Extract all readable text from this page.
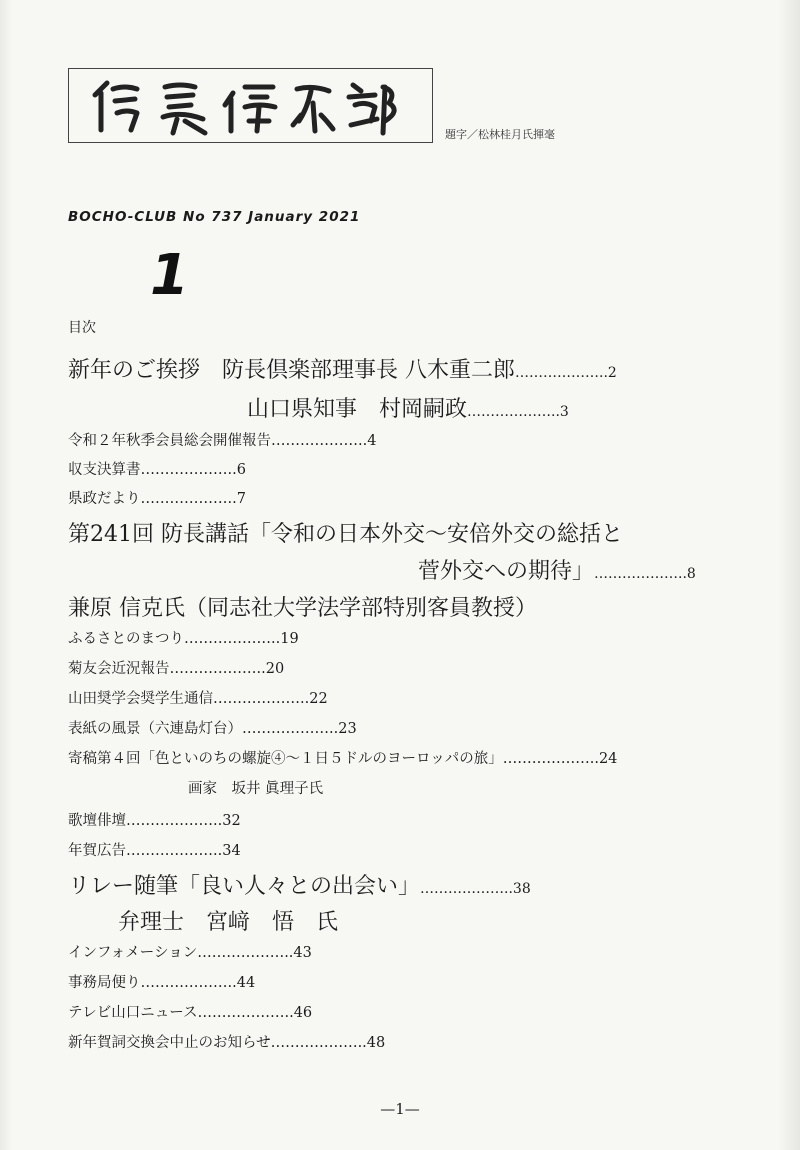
題字／松林桂月氏揮毫
BOCHO-CLUB No 737 January 2021
1
目次
新年のご挨拶　防長倶楽部理事長 八木重二郎………………..2
山口県知事　村岡嗣政………………..3
令和２年秋季会員総会開催報告………………..4
収支決算書………………..6
県政だより………………..7
第241回 防長講話「令和の日本外交～安倍外交の総括と
菅外交への期待」………………..8
兼原 信克氏（同志社大学法学部特別客員教授）
ふるさとのまつり………………..19
菊友会近況報告………………..20
山田奨学会奨学生通信………………..22
表紙の風景（六連島灯台）………………..23
寄稿第４回「色といのちの螺旋④～１日５ドルのヨーロッパの旅」………………..24
画家　坂井 眞理子氏
歌壇俳壇………………..32
年賀広告………………..34
リレー随筆「良い人々との出会い」………………..38
弁理士　宮﨑　悟　氏
インフォメーション………………..43
事務局便り………………..44
テレビ山口ニュース………………..46
新年賀詞交換会中止のお知らせ………………..48
—1—
